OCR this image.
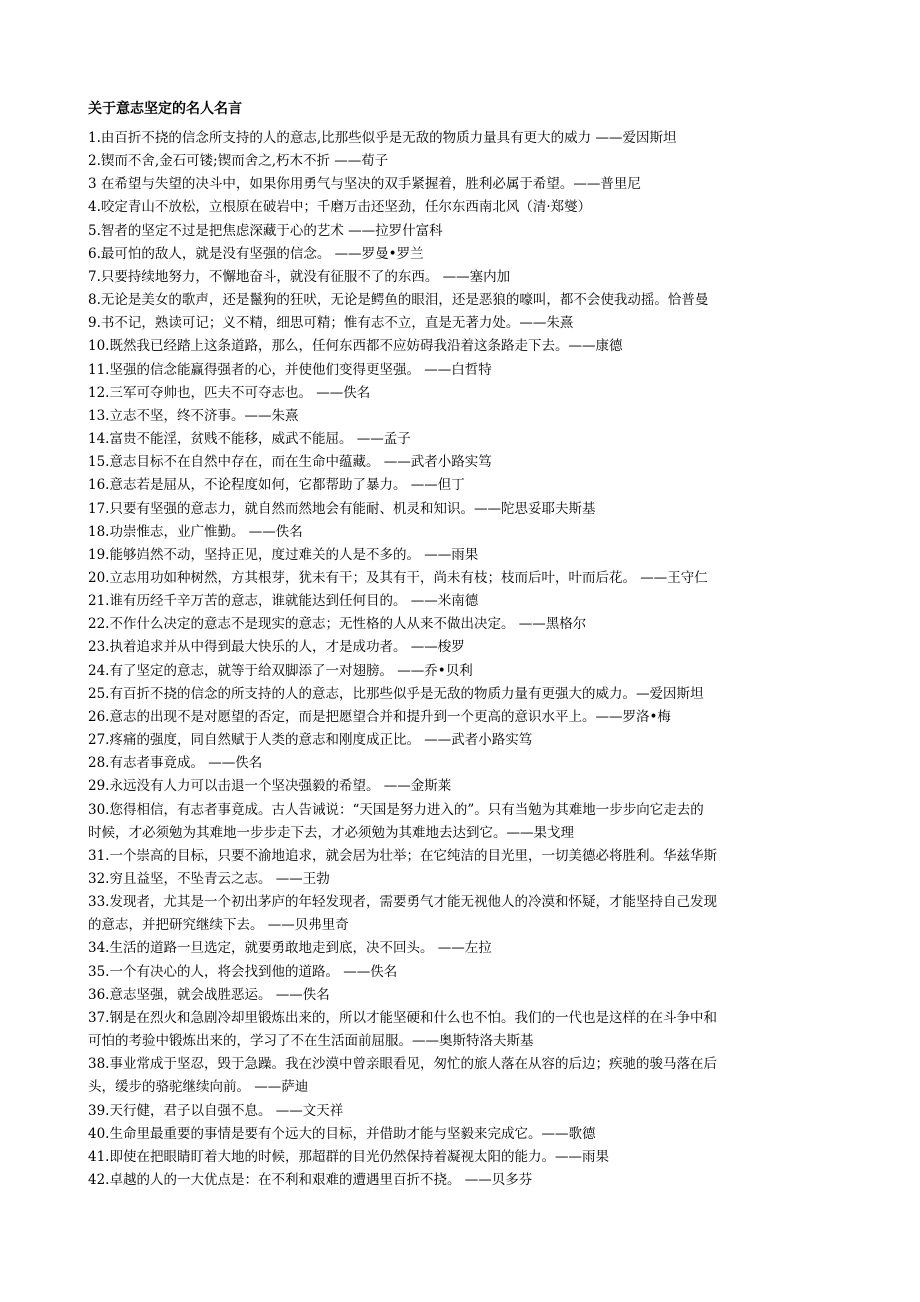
关于意志坚定的名人名言
1.由百折不挠的信念所支持的人的意志,比那些似乎是无敌的物质力量具有更大的威力 ——爱因斯坦
2.锲而不舍,金石可镂;锲而舍之,朽木不折 ——荀子
3 在希望与失望的决斗中，如果你用勇气与坚决的双手紧握着，胜利必属于希望。——普里尼
4.咬定青山不放松，立根原在破岩中；千磨万击还坚劲，任尔东西南北风（清·郑燮）
5.智者的坚定不过是把焦虑深藏于心的艺术 ——拉罗什富科
6.最可怕的敌人，就是没有坚强的信念。 ——罗曼•罗兰
7.只要持续地努力，不懈地奋斗，就没有征服不了的东西。 ——塞内加
8.无论是美女的歌声，还是鬣狗的狂吠，无论是鳄鱼的眼泪，还是恶狼的嚎叫，都不会使我动摇。恰普曼
9.书不记，熟读可记；义不精，细思可精；惟有志不立，直是无著力处。——朱熹
10.既然我已经踏上这条道路，那么，任何东西都不应妨碍我沿着这条路走下去。——康德
11.坚强的信念能赢得强者的心，并使他们变得更坚强。 ——白哲特
12.三军可夺帅也，匹夫不可夺志也。 ——佚名
13.立志不坚，终不济事。——朱熹
14.富贵不能淫，贫贱不能移，威武不能屈。 ——孟子
15.意志目标不在自然中存在，而在生命中蕴藏。 ——武者小路实笃
16.意志若是屈从，不论程度如何，它都帮助了暴力。 ——但丁
17.只要有坚强的意志力，就自然而然地会有能耐、机灵和知识。——陀思妥耶夫斯基
18.功崇惟志，业广惟勤。 ——佚名
19.能够岿然不动，坚持正见，度过难关的人是不多的。 ——雨果
20.立志用功如种树然，方其根芽，犹未有干；及其有干，尚未有枝；枝而后叶，叶而后花。 ——王守仁
21.谁有历经千辛万苦的意志，谁就能达到任何目的。 ——米南德
22.不作什么决定的意志不是现实的意志；无性格的人从来不做出决定。 ——黑格尔
23.执着追求并从中得到最大快乐的人，才是成功者。 ——梭罗
24.有了坚定的意志，就等于给双脚添了一对翅膀。 ——乔•贝利
25.有百折不挠的信念的所支持的人的意志，比那些似乎是无敌的物质力量有更强大的威力。—爱因斯坦
26.意志的出现不是对愿望的否定，而是把愿望合并和提升到一个更高的意识水平上。——罗洛•梅
27.疼痛的强度，同自然赋于人类的意志和刚度成正比。 ——武者小路实笃
28.有志者事竟成。 ——佚名
29.永远没有人力可以击退一个坚决强毅的希望。 ——金斯莱
30.您得相信，有志者事竟成。古人告诫说：“天国是努力进入的”。只有当勉为其难地一步步向它走去的
时候，才必须勉为其难地一步步走下去，才必须勉为其难地去达到它。——果戈理
31.一个崇高的目标，只要不渝地追求，就会居为壮举；在它纯洁的目光里，一切美德必将胜利。华兹华斯
32.穷且益坚，不坠青云之志。 ——王勃
33.发现者，尤其是一个初出茅庐的年轻发现者，需要勇气才能无视他人的冷漠和怀疑，才能坚持自己发现
的意志，并把研究继续下去。 ——贝弗里奇
34.生活的道路一旦选定，就要勇敢地走到底，决不回头。 ——左拉
35.一个有决心的人，将会找到他的道路。 ——佚名
36.意志坚强，就会战胜恶运。 ——佚名
37.钢是在烈火和急剧冷却里锻炼出来的，所以才能坚硬和什么也不怕。我们的一代也是这样的在斗争中和
可怕的考验中锻炼出来的，学习了不在生活面前屈服。——奥斯特洛夫斯基
38.事业常成于坚忍，毁于急躁。我在沙漠中曾亲眼看见，匆忙的旅人落在从容的后边；疾驰的骏马落在后
头，缓步的骆驼继续向前。 ——萨迪
39.天行健，君子以自强不息。 ——文天祥
40.生命里最重要的事情是要有个远大的目标，并借助才能与坚毅来完成它。——歌德
41.即使在把眼睛盯着大地的时候，那超群的目光仍然保持着凝视太阳的能力。——雨果
42.卓越的人的一大优点是：在不利和艰难的遭遇里百折不挠。 ——贝多芬
